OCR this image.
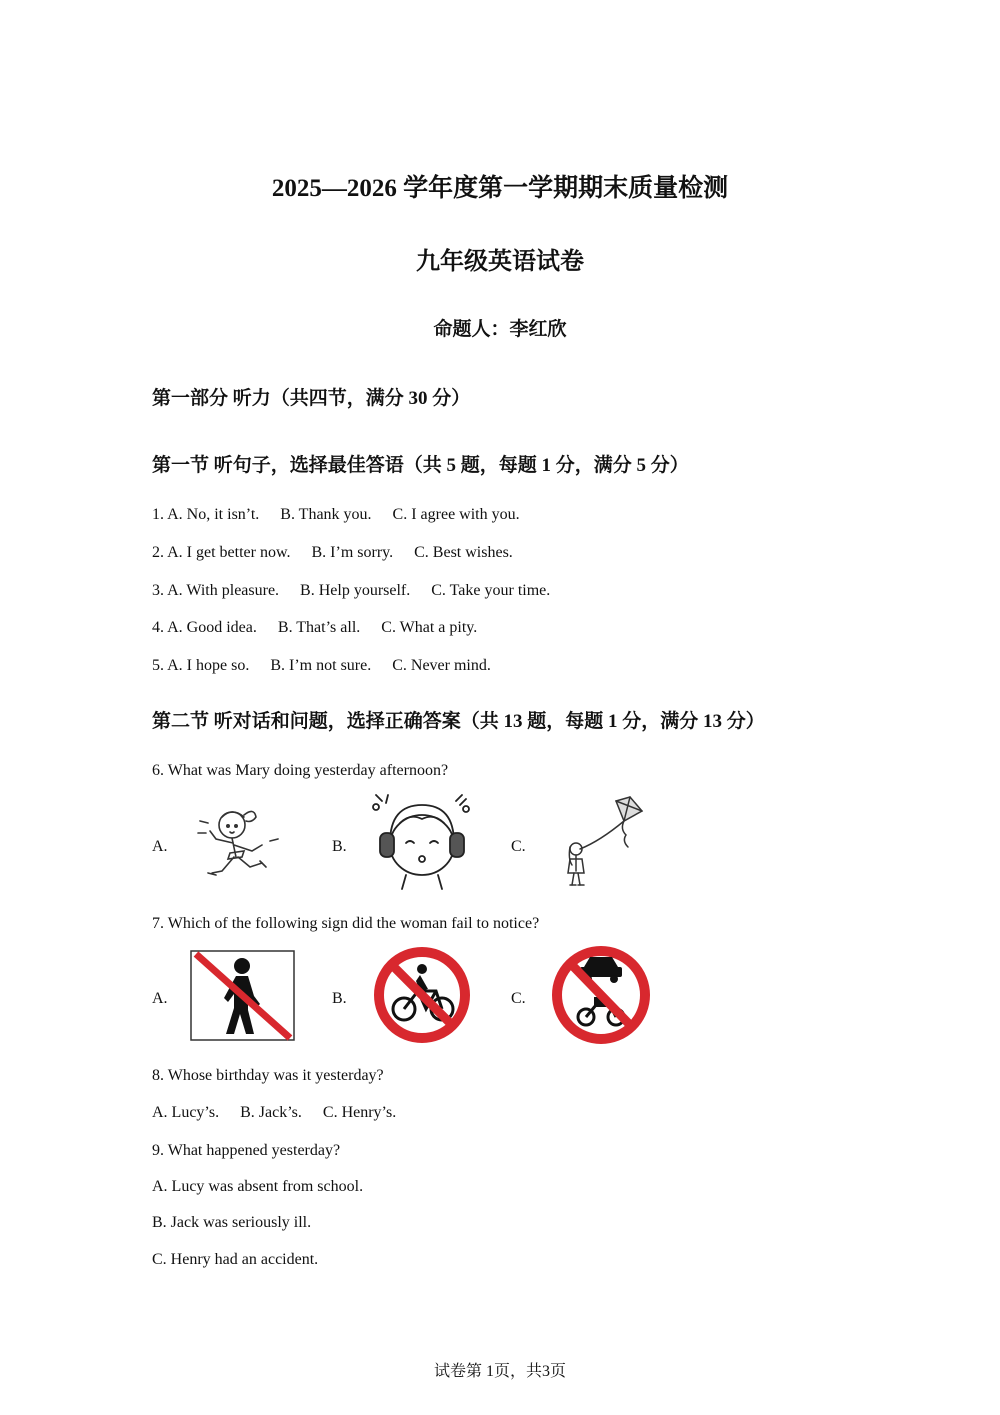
2025—2026 学年度第一学期期末质量检测
九年级英语试卷
命题人：李红欣
第一部分 听力（共四节，满分 30 分）
第一节 听句子，选择最佳答语（共 5 题，每题 1 分，满分 5 分）
1. A. No, it isn’t. B. Thank you. C. I agree with you.
2. A. I get better now. B. I’m sorry. C. Best wishes.
3. A. With pleasure. B. Help yourself. C. Take your time.
4. A. Good idea. B. That’s all. C. What a pity.
5. A. I hope so. B. I’m not sure. C. Never mind.
第二节 听对话和问题，选择正确答案（共 13 题，每题 1 分，满分 13 分）
6. What was Mary doing yesterday afternoon?
A.	B.	C.
7. Which of the following sign did the woman fail to notice?
A.	B.	C.
8. Whose birthday was it yesterday?
A. Lucy’s. B. Jack’s. C. Henry’s.
9. What happened yesterday?
A. Lucy was absent from school.
B. Jack was seriously ill.
C. Henry had an accident.
试卷第 1页，共3页
